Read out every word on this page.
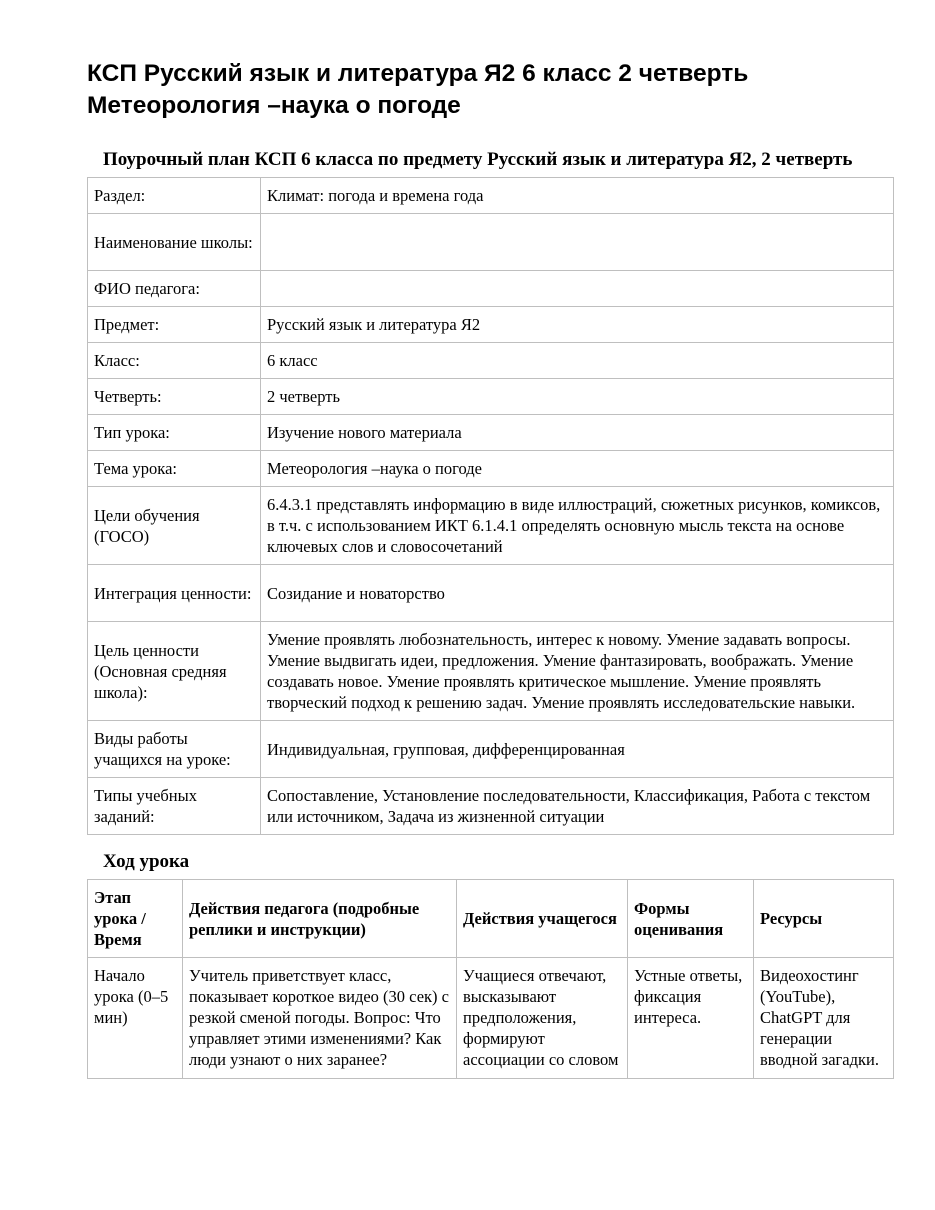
КСП Русский язык и литература Я2 6 класс 2 четверть
Метеорология –наука о погоде
Поурочный план КСП 6 класса по предмету Русский язык и литература Я2, 2 четверть
Раздел:	Климат: погода и времена года
Наименование школы:	
ФИО педагога:	
Предмет:	Русский язык и литература Я2
Класс:	6 класс
Четверть:	2 четверть
Тип урока:	Изучение нового материала
Тема урока:	Метеорология –наука о погоде
Цели обучения (ГОСО)	6.4.3.1 представлять информацию в виде иллюстраций, сюжетных рисунков, комиксов, в т.ч. с использованием ИКТ 6.1.4.1 определять основную мысль текста на основе ключевых слов и словосочетаний
Интеграция ценности:	Созидание и новаторство
Цель ценности (Основная средняя школа):	Умение проявлять любознательность, интерес к новому. Умение задавать вопросы. Умение выдвигать идеи, предложения. Умение фантазировать, воображать. Умение создавать новое. Умение проявлять критическое мышление. Умение проявлять творческий подход к решению задач. Умение проявлять исследовательские навыки.
Виды работы учащихся на уроке:	Индивидуальная, групповая, дифференцированная
Типы учебных заданий:	Сопоставление, Установление последовательности, Классификация, Работа с текстом или источником, Задача из жизненной ситуации
Ход урока
Этап урока / Время	Действия педагога (подробные реплики и инструкции)	Действия учащегося	Формы оценивания	Ресурсы
Начало урока (0–5 мин)	Учитель приветствует класс, показывает короткое видео (30 сек) с резкой сменой погоды. Вопрос: Что управляет этими изменениями? Как люди узнают о них заранее?	Учащиеся отвечают, высказывают предположения, формируют ассоциации со словом	Устные ответы, фиксация интереса.	Видеохостинг (YouTube), ChatGPT для генерации вводной загадки.
